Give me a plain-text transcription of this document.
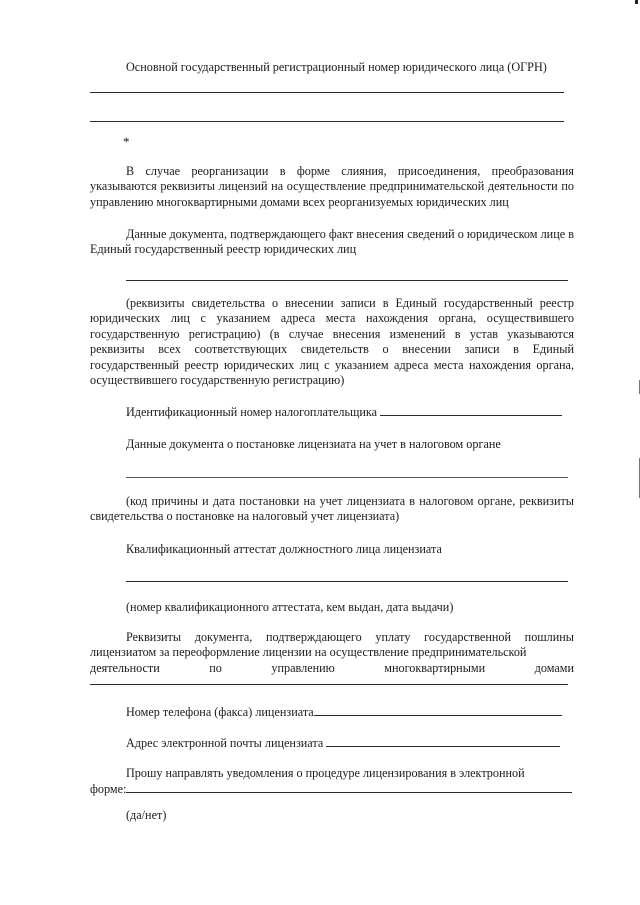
Основной государственный регистрационный номер юридического лица (ОГРН)

*

В случае реорганизации в форме слияния, присоединения, преобразования указываются реквизиты лицензий на осуществление предпринимательской деятельности по управлению многоквартирными домами всех реорганизуемых юридических лиц

Данные документа, подтверждающего факт внесения сведений о юридическом лице в Единый государственный реестр юридических лиц

(реквизиты свидетельства о внесении записи в Единый государственный реестр юридических лиц с указанием адреса места нахождения органа, осуществившего государственную регистрацию) (в случае внесения изменений в устав указываются реквизиты всех соответствующих свидетельств о внесении записи в Единый государственный реестр юридических лиц с указанием адреса места нахождения органа, осуществившего государственную регистрацию)

Идентификационный номер налогоплательщика

Данные документа о постановке лицензиата на учет в налоговом органе

(код причины и дата постановки на учет лицензиата в налоговом органе, реквизиты свидетельства о постановке на налоговый учет лицензиата)

Квалификационный аттестат должностного лица лицензиата

(номер квалификационного аттестата, кем выдан, дата выдачи)

Реквизиты документа, подтверждающего уплату государственной пошлины лицензиатом за переоформление лицензии на осуществление предпринимательской

деятельности	по	управлению	многоквартирными	домами

Номер телефона (факса) лицензиата

Адрес электронной почты лицензиата

Прошу направлять уведомления о процедуре лицензирования в электронной

форме:

(да/нет)
